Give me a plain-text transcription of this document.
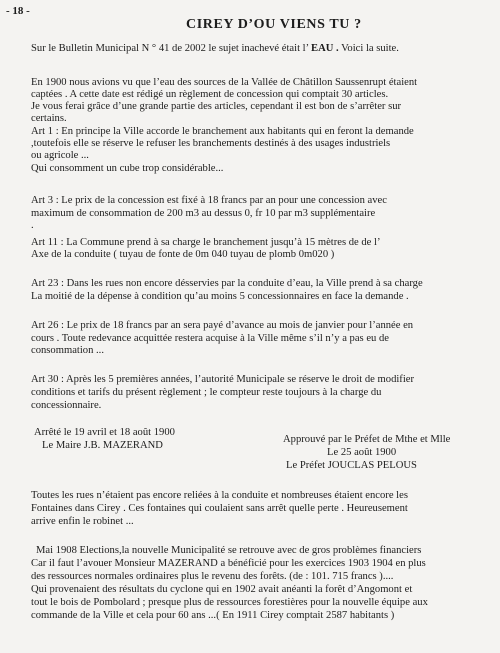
- 18 -
CIREY D’OU VIENS TU ?
Sur le Bulletin Municipal N ° 41 de 2002 le sujet inachevé était l’ EAU . Voici la suite.
En 1900 nous avions vu que l’eau des sources de la Vallée de Châtillon Saussenrupt étaient
captées . A cette date est rédigé un règlement de concession qui comptait 30 articles.
Je vous ferai grâce d’une grande partie des articles, cependant il est bon de s’arrêter sur
certains.
Art 1 : En principe la Ville accorde le branchement aux habitants qui en feront la demande
,toutefois elle se réserve le refuser les branchements destinés à des usages industriels
ou agricole ...
Qui consomment un cube trop considérable...
Art 3 : Le prix de la concession est fixé à 18 francs par an pour une concession avec
maximum de consommation de 200 m3 au dessus 0, fr 10 par m3 supplémentaire
.
Art 11 : La Commune prend à sa charge le branchement jusqu’à 15 mètres de de l’
Axe de la conduite ( tuyau de fonte de 0m 040 tuyau de plomb 0m020 )
Art 23 : Dans les rues non encore désservies par la conduite d’eau, la Ville prend à sa charge
La moitié de la dépense à condition qu’au moins 5 concessionnaires en face la demande .
Art 26 : Le prix de 18 francs par an sera payé d’avance au mois de janvier pour l’année en
cours . Toute redevance acquittée restera acquise à la Ville même s’il n’y a pas eu de
consommation ...
Art 30 : Après les 5 premières années, l’autorité Municipale se réserve le droit de modifier
conditions et tarifs du présent règlement ; le compteur reste toujours à la charge du
concessionnaire.
Arrêté le 19 avril et 18 août 1900
Le Maire J.B. MAZERAND
Approuvé par le Préfet de Mthe et Mlle
Le 25 août 1900
Le Préfet JOUCLAS PELOUS
Toutes les rues n’étaient pas encore reliées à la conduite et nombreuses étaient encore les
Fontaines dans Cirey . Ces fontaines qui coulaient sans arrêt quelle perte . Heureusement
arrive enfin le robinet ...
Mai 1908 Elections,la nouvelle Municipalité se retrouve avec de gros problèmes financiers
Car il faut l’avouer Monsieur MAZERAND a bénéficié pour les exercices 1903 1904 en plus
des ressources normales ordinaires plus le revenu des forêts. (de : 101. 715 francs )....
Qui provenaient des résultats du cyclone qui en 1902 avait anéanti la forêt d’Angomont et
tout le bois de Pombolard ; presque plus de ressources forestières pour la nouvelle équipe aux
commande de la Ville et cela pour 60 ans ...( En 1911 Cirey comptait 2587 habitants )
